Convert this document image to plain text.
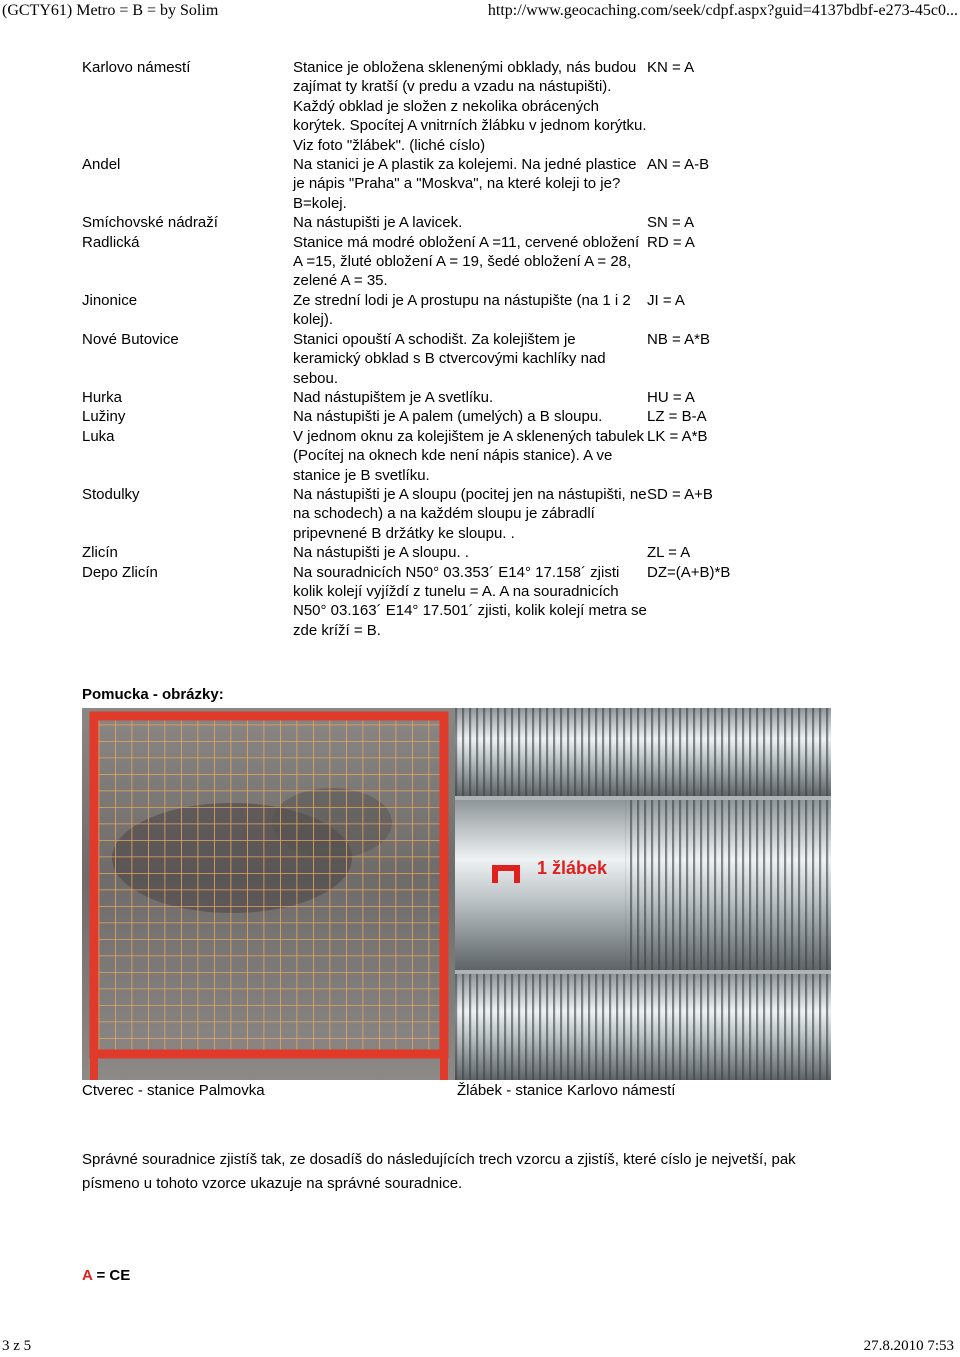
(GCTY61) Metro = B = by Solim	http://www.geocaching.com/seek/cdpf.aspx?guid=4137bdbf-e273-45c0...
Karlovo námestí	Stanice je obložena sklenenými obklady, nás budou zajímat ty kratší (v predu a vzadu na nástupišti). Každý obklad je složen z nekolika obrácených korýtek. Spocítej A vnitrních žlábku v jednom korýtku. Viz foto "žlábek". (liché císlo)	KN = A
Andel	Na stanici je A plastik za kolejemi. Na jedné plastice je nápis "Praha" a "Moskva", na které koleji to je? B=kolej.	AN = A-B
Smíchovské nádraží	Na nástupišti je A lavicek.	SN = A
Radlická	Stanice má modré obložení A =11, cervené obložení A =15, žluté obložení A = 19, šedé obložení A = 28, zelené A = 35.	RD = A
Jinonice	Ze strední lodi je A prostupu na nástupište (na 1 i 2 kolej).	JI = A
Nové Butovice	Stanici opouští A schodišt. Za kolejištem je keramický obklad s B ctvercovými kachlíky nad sebou.	NB = A*B
Hurka	Nad nástupištem je A svetlíku.	HU = A
Lužiny	Na nástupišti je A palem (umelých) a B sloupu.	LZ = B-A
Luka	V jednom oknu za kolejištem je A sklenených tabulek (Pocítej na oknech kde není nápis stanice). A ve stanice je B svetlíku.	LK = A*B
Stodulky	Na nástupišti je A sloupu (pocitej jen na nástupišti, ne na schodech) a na každém sloupu je zábradlí pripevnené B držátky ke sloupu. .	SD = A+B
Zlicín	Na nástupišti je A sloupu. .	ZL = A
Depo Zlicín	Na souradnicích N50° 03.353´ E14° 17.158´ zjisti kolik kolejí vyjíždí z tunelu = A. A na souradnicích N50° 03.163´ E14° 17.501´ zjisti, kolik kolejí metra se zde kríží = B.	DZ=(A+B)*B
Pomucka - obrázky:
1 žlábek
Ctverec - stanice Palmovka	Žlábek - stanice Karlovo námestí

Správné souradnice zjistíš tak, ze dosadíš do následujících trech vzorcu a zjistíš, které císlo je nejvetší, pak písmeno u tohoto vzorce ukazuje na správné souradnice.

A = CE
3 z 5	27.8.2010 7:53
